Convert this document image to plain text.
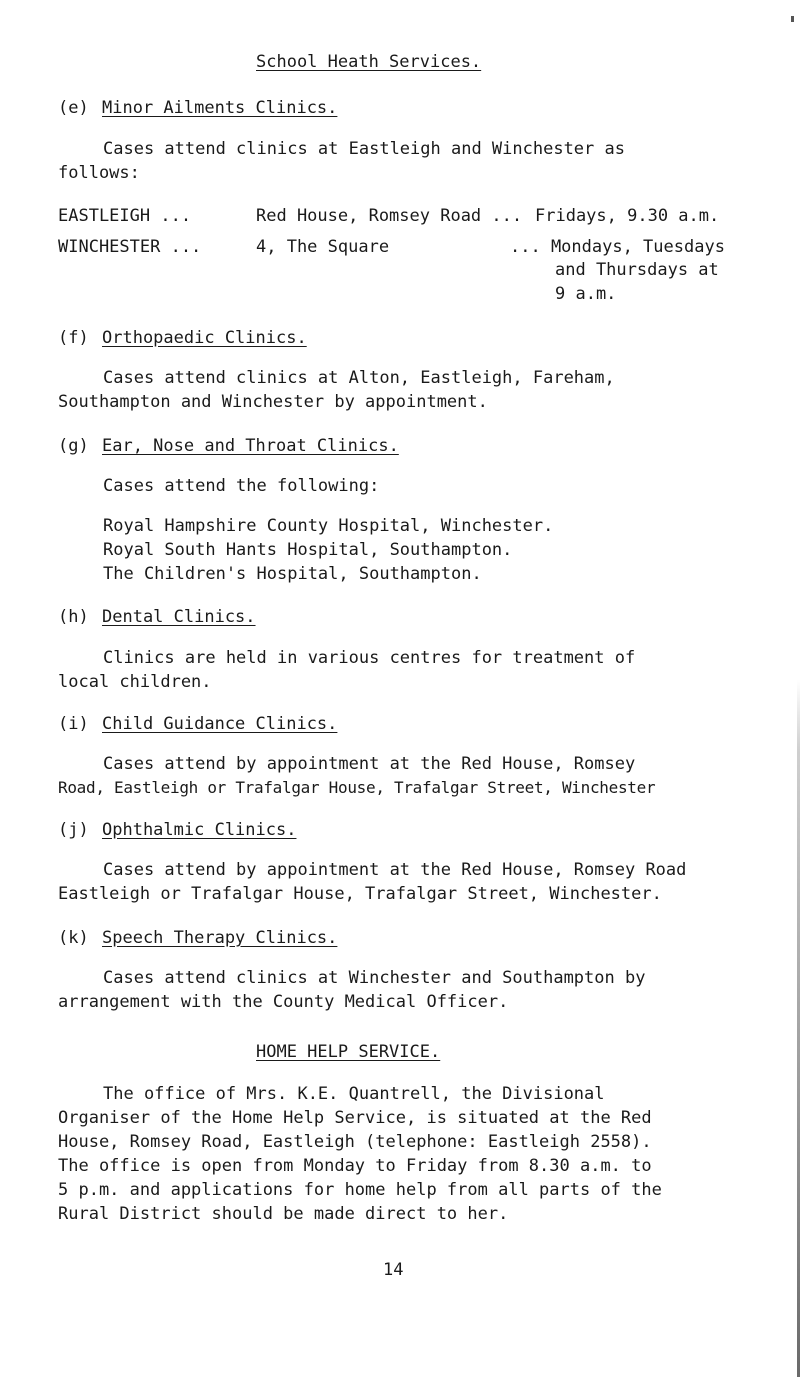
School Heath Services.
(e) Minor Ailments Clinics.
Cases attend clinics at Eastleigh and Winchester as
follows:
EASTLEIGH ...	Red House, Romsey Road ... Fridays, 9.30 a.m.
WINCHESTER ...	4, The Square	... Mondays, Tuesdays
and Thursdays at
9 a.m.
(f) Orthopaedic Clinics.
Cases attend clinics at Alton, Eastleigh, Fareham,
Southampton and Winchester by appointment.
(g) Ear, Nose and Throat Clinics.
Cases attend the following:
Royal Hampshire County Hospital, Winchester.
Royal South Hants Hospital, Southampton.
The Children's Hospital, Southampton.
(h) Dental Clinics.
Clinics are held in various centres for treatment of
local children.
(i) Child Guidance Clinics.
Cases attend by appointment at the Red House, Romsey
Road, Eastleigh or Trafalgar House, Trafalgar Street, Winchester
(j) Ophthalmic Clinics.
Cases attend by appointment at the Red House, Romsey Road
Eastleigh or Trafalgar House, Trafalgar Street, Winchester.
(k) Speech Therapy Clinics.
Cases attend clinics at Winchester and Southampton by
arrangement with the County Medical Officer.
HOME HELP SERVICE.
The office of Mrs. K.E. Quantrell, the Divisional
Organiser of the Home Help Service, is situated at the Red
House, Romsey Road, Eastleigh (telephone: Eastleigh 2558).
The office is open from Monday to Friday from 8.30 a.m. to
5 p.m. and applications for home help from all parts of the
Rural District should be made direct to her.
14
